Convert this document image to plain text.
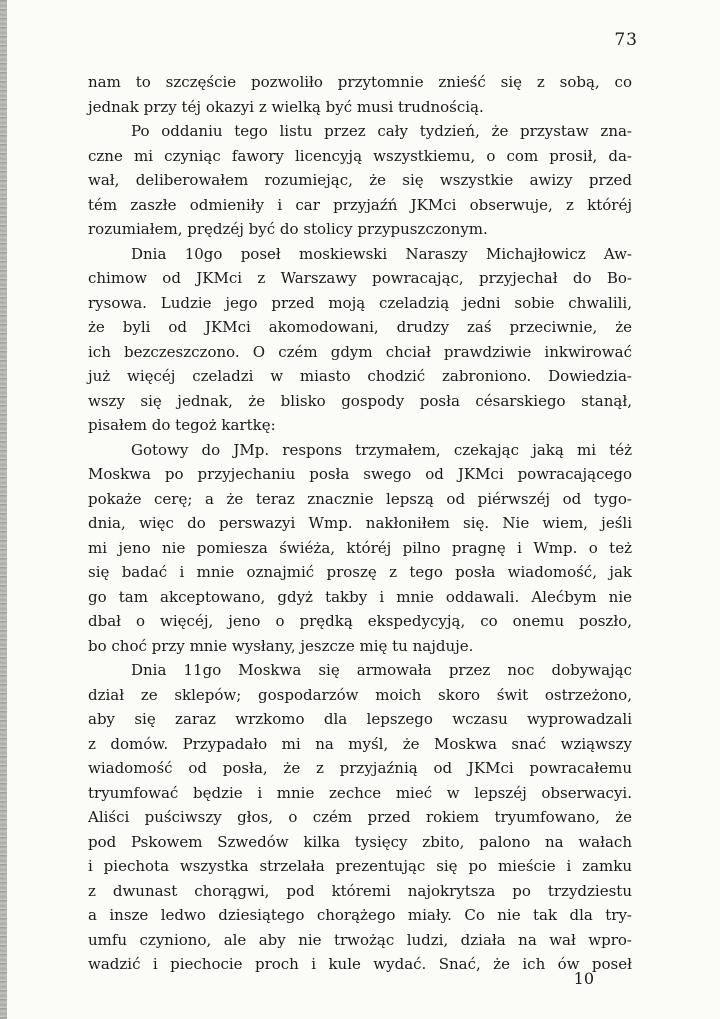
73
nam to szczęście pozwoliło przytomnie znieść się z sobą, co
jednak przy téj okazyi z wielką być musi trudnością.
Po oddaniu tego listu przez cały tydzień, że przystaw zna-
czne mi czyniąc fawory licencyją wszystkiemu, o com prosił, da-
wał, deliberowałem rozumiejąc, że się wszystkie awizy przed
tém zaszłe odmieniły i car przyjaźń JKMci obserwuje, z któréj
rozumiałem, prędzéj być do stolicy przypuszczonym.
Dnia 10go poseł moskiewski Naraszy Michajłowicz Aw-
chimow od JKMci z Warszawy powracając, przyjechał do Bo-
rysowa. Ludzie jego przed moją czeladzią jedni sobie chwalili,
że byli od JKMci akomodowani, drudzy zaś przeciwnie, że
ich bezczeszczono. O czém gdym chciał prawdziwie inkwirować
już więcéj czeladzi w miasto chodzić zabroniono. Dowiedzia-
wszy się jednak, że blisko gospody posła césarskiego stanął,
pisałem do tegoż kartkę:
Gotowy do JMp. respons trzymałem, czekając jaką mi téż
Moskwa po przyjechaniu posła swego od JKMci powracającego
pokaże cerę; a że teraz znacznie lepszą od piérwszéj od tygo-
dnia, więc do perswazyi Wmp. nakłoniłem się. Nie wiem, jeśli
mi jeno nie pomiesza świéża, któréj pilno pragnę i Wmp. o też
się badać i mnie oznajmić proszę z tego posła wiadomość, jak
go tam akceptowano, gdyż takby i mnie oddawali. Alećbym nie
dbał o więcéj, jeno o prędką ekspedycyją, co onemu poszło,
bo choć przy mnie wysłany, jeszcze mię tu najduje.
Dnia 11go Moskwa się armowała przez noc dobywając
dział ze sklepów; gospodarzów moich skoro świt ostrzeżono,
aby się zaraz wrzkomo dla lepszego wczasu wyprowadzali
z domów. Przypadało mi na myśl, że Moskwa snać wziąwszy
wiadomość od posła, że z przyjaźnią od JKMci powracałemu
tryumfować będzie i mnie zechce mieć w lepszéj obserwacyi.
Aliści puściwszy głos, o czém przed rokiem tryumfowano, że
pod Pskowem Szwedów kilka tysięcy zbito, palono na wałach
i piechota wszystka strzelała prezentując się po mieście i zamku
z dwunast chorągwi, pod któremi najokrytsza po trzydziestu
a insze ledwo dziesiątego chorążego miały. Co nie tak dla try-
umfu czyniono, ale aby nie trwożąc ludzi, działa na wał wpro-
wadzić i piechocie proch i kule wydać. Snać, że ich ów poseł
10
